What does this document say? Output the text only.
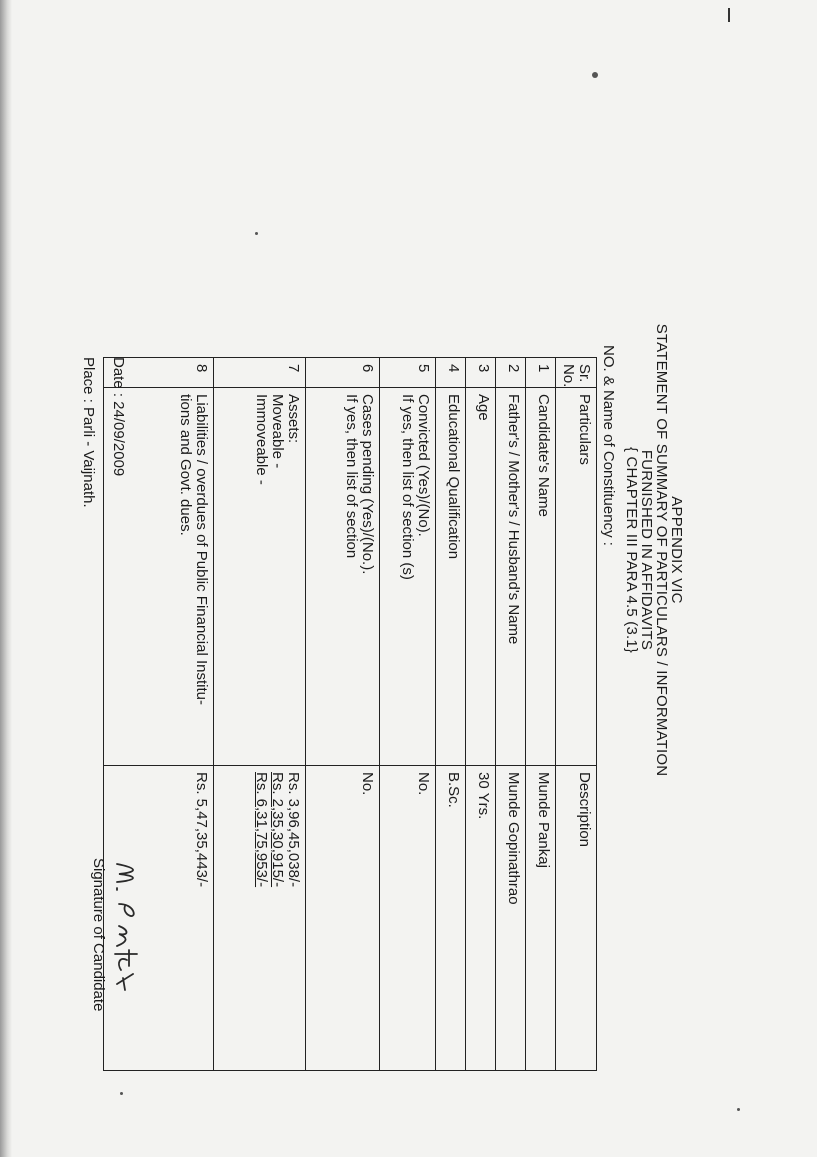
APPENDIX VIC
STATEMENT OF SUMMARY OF PARTICULARS / INFORMATION
FURNISHED IN AFFIDAVITS
{ CHAPTER III PARA 4.5 (3.1}
NO. & Name of Constituency :
Sr. No.	Particulars	Description
1	Candidate's Name	Munde Pankaj
2	Father's / Mother's / Husband's Name	Munde Gopinathrao
3	Age	30 Yrs.
4	Educational Qualification	B.Sc.
5	Convicted (Yes)/(No).
If yes, then list of section (s)	No.
6	Cases pending (Yes)/(No.).
If yes, then list of section	No.
7	Assets:
Moveable -
Immoveable -	Rs. 3,96,45,038/-
Rs. 2,35,30,915/-
Rs. 6,31,75,953/-

8	Liabilities / overdues of Public Financial Institu-
tions and Govt. dues.	Rs. 5,47,35,443/-
Date : 24/09/2009
Place : Parli - Vaijnath.
Signature of Candidate
